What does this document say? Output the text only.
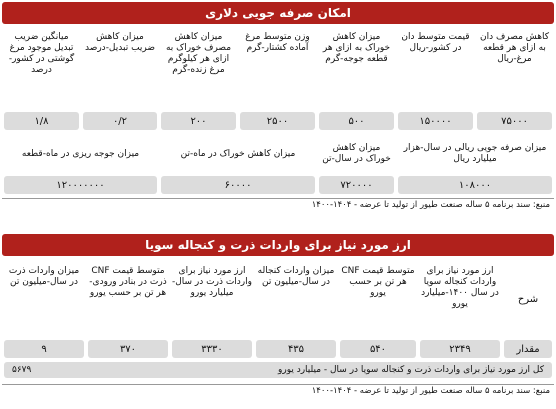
امکان صرفه جویی دلاری
کاهش مصرف دان به ازای هر قطعه مرغ-ریال
قیمت متوسط دان در کشور-ریال
میزان کاهش خوراک به ازای هر قطعه جوجه-گرم
وزن متوسط مرغ آماده کشتار-گرم
میزان کاهش مصرف خوراک به ازای هر کیلوگرم مرغ زنده-گرم
میزان کاهش ضریب تبدیل-درصد
میانگین ضریب تبدیل موجود مرغ گوشتی در کشور-درصد
۷۵۰۰۰
۱۵۰۰۰۰
۵۰۰
۲۵۰۰
۲۰۰
۰/۲
۱/۸
میزان صرفه جویی ریالی در سال-هزار میلیارد ریال
میزان کاهش خوراک در سال-تن
میزان کاهش خوراک در ماه-تن
میزان جوجه ریزی در ماه-قطعه
۱۰۸۰۰۰
۷۲۰۰۰۰
۶۰۰۰۰
۱۲۰۰۰۰۰۰۰
منبع: سند برنامه ۵ ساله صنعت طیور از تولید تا عرضه - ۱۴۰۴-۱۴۰۰
ارز مورد نیاز برای واردات ذرت و کنجاله سویا
شرح
ارز مورد نیاز برای واردات کنجاله سویا در سال ۱۴۰۰-میلیارد یورو
متوسط قیمت CNF هر تن بر حسب یورو
میزان واردات کنجاله در سال-میلیون تن
ارز مورد نیاز برای واردات ذرت در سال-میلیارد یورو
متوسط قیمت CNF ذرت در بنادر ورودی-هر تن بر حسب یورو
میزان واردات ذرت در سال-میلیون تن
مقدار
۲۳۴۹
۵۴۰
۴۳۵
۳۳۳۰
۳۷۰
۹
کل ارز مورد نیاز برای واردات ذرت و کنجاله سویا در سال - میلیارد یورو
۵۶۷۹
منبع: سند برنامه ۵ ساله صنعت طیور از تولید تا عرضه - ۱۴۰۴-۱۴۰۰
